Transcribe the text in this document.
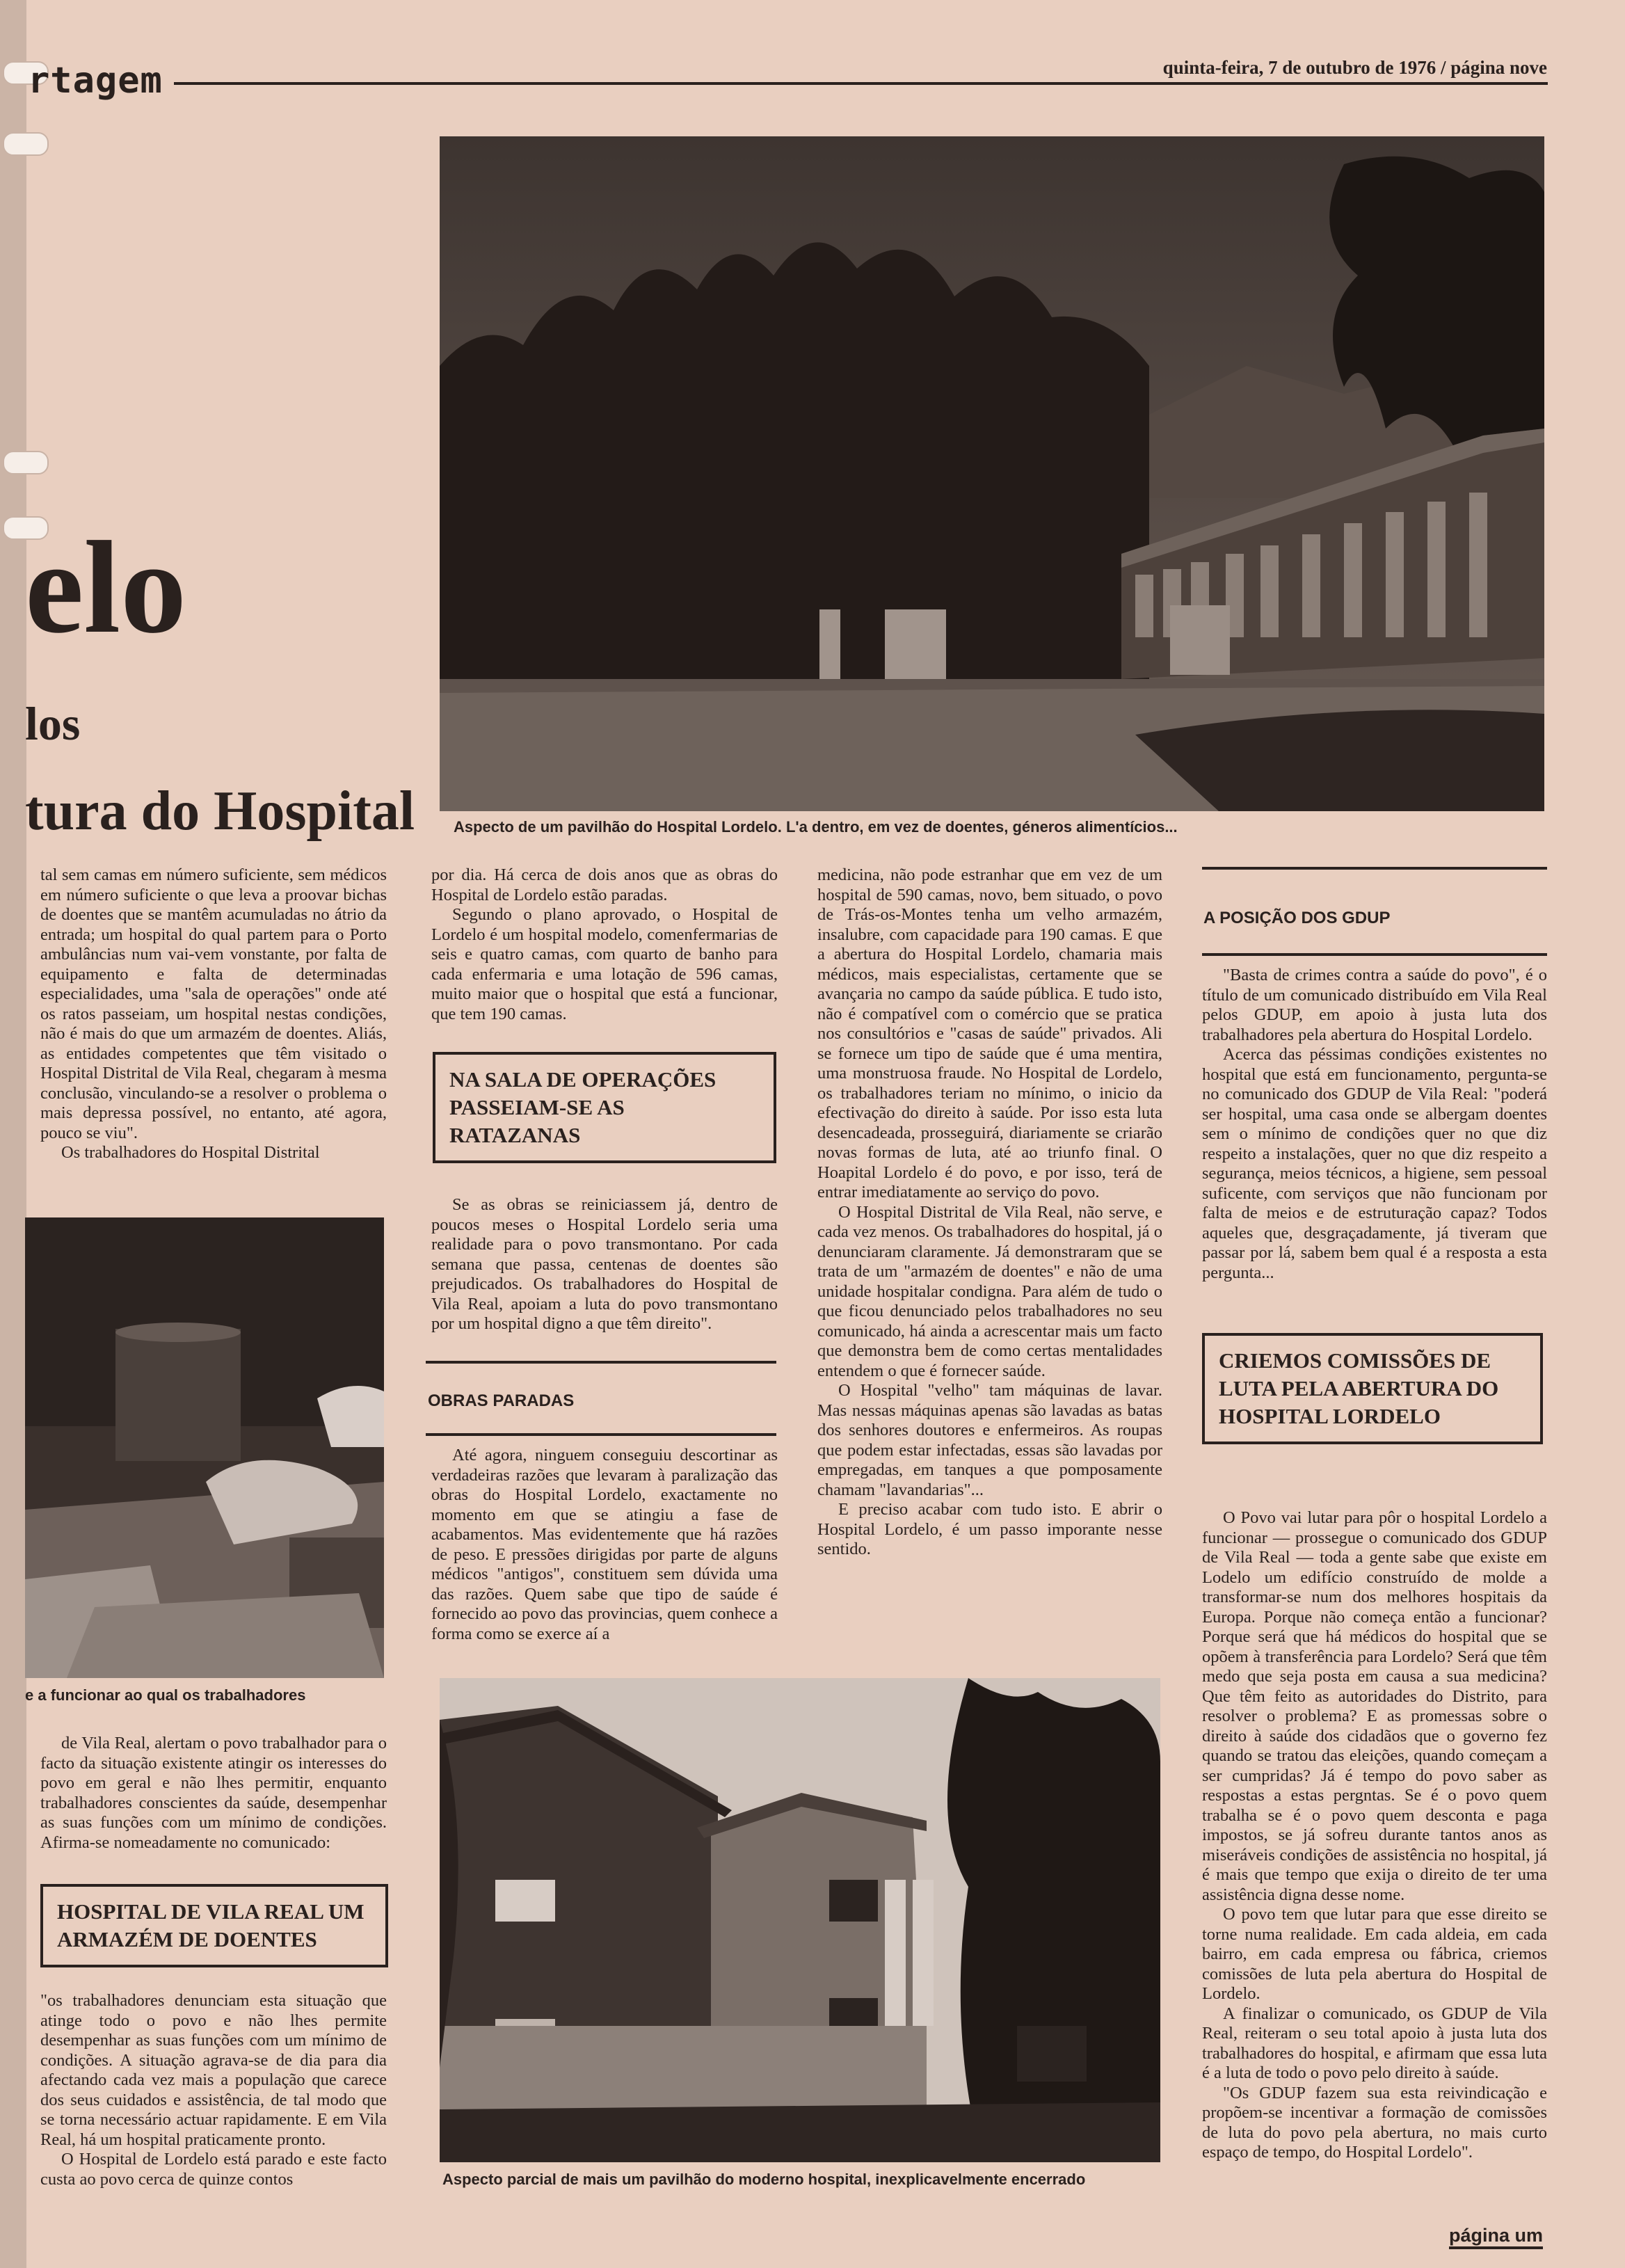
rtagem	quinta-feira, 7 de outubro de 1976 / página nove
elo
los
tura do Hospital	Aspecto de um pavilhão do Hospital Lordelo. L'a dentro, em vez de doentes, géneros alimentícios...

tal sem camas em número suficiente, sem médicos em número suficiente o que leva a proovar bichas de doentes que se mantêm acumuladas no átrio da entrada; um hospital do qual partem para o Porto ambulâncias num vai-vem vonstante, por falta de equipamento e falta de determinadas especialidades, uma "sala de operações" onde até os ratos passeiam, um hospital nestas condições, não é mais do que um armazém de doentes. Aliás, as entidades competentes que têm visitado o Hospital Distrital de Vila Real, chegaram à mesma conclusão, vinculando-se a resolver o problema o mais depressa possível, no entanto, até agora, pouco se viu".

Os trabalhadores do Hospital Distrital

e a funcionar ao qual os trabalhadores

de Vila Real, alertam o povo trabalhador para o facto da situação existente atingir os interesses do povo em geral e não lhes permitir, enquanto trabalhadores conscientes da saúde, desempenhar as suas funções com um mínimo de condições. Afirma-se nomeadamente no comunicado:

HOSPITAL DE VILA REAL UM ARMAZÉM DE DOENTES

"os trabalhadores denunciam esta situação que atinge todo o povo e não lhes permite desempenhar as suas funções com um mínimo de condições. A situação agrava-se de dia para dia afectando cada vez mais a população que carece dos seus cuidados e assistência, de tal modo que se torna necessário actuar rapidamente. E em Vila Real, há um hospital praticamente pronto.

O Hospital de Lordelo está parado e este facto custa ao povo cerca de quinze contos

por dia. Há cerca de dois anos que as obras do Hospital de Lordelo estão paradas.

Segundo o plano aprovado, o Hospital de Lordelo é um hospital modelo, comenfermarias de seis e quatro camas, com quarto de banho para cada enfermaria e uma lotação de 596 camas, muito maior que o hospital que está a funcionar, que tem 190 camas.

NA SALA DE OPERAÇÕES PASSEIAM-SE AS RATAZANAS

Se as obras se reiniciassem já, dentro de poucos meses o Hospital Lordelo seria uma realidade para o povo transmontano. Por cada semana que passa, centenas de doentes são prejudicados. Os trabalhadores do Hospital de Vila Real, apoiam a luta do povo transmontano por um hospital digno a que têm direito".

OBRAS PARADAS

Até agora, ninguem conseguiu descortinar as verdadeiras razões que levaram à paralização das obras do Hospital Lordelo, exactamente no momento em que se atingiu a fase de acabamentos. Mas evidentemente que há razões de peso. E pressões dirigidas por parte de alguns médicos "antigos", constituem sem dúvida uma das razões. Quem sabe que tipo de saúde é fornecido ao povo das provincias, quem conhece a forma como se exerce aí a

medicina, não pode estranhar que em vez de um hospital de 590 camas, novo, bem situado, o povo de Trás-os-Montes tenha um velho armazém, insalubre, com capacidade para 190 camas. E que a abertura do Hospital Lordelo, chamaria mais médicos, mais especialistas, certamente que se avançaria no campo da saúde pública. E tudo isto, não é compatível com o comércio que se pratica nos consultórios e "casas de saúde" privados. Ali se fornece um tipo de saúde que é uma mentira, uma monstruosa fraude. No Hospital de Lordelo, os trabalhadores teriam no mínimo, o inicio da efectivação do direito à saúde. Por isso esta luta desencadeada, prosseguirá, diariamente se criarão novas formas de luta, até ao triunfo final. O Hoapital Lordelo é do povo, e por isso, terá de entrar imediatamente ao serviço do povo.

O Hospital Distrital de Vila Real, não serve, e cada vez menos. Os trabalhadores do hospital, já o denunciaram claramente. Já demonstraram que se trata de um "armazém de doentes" e não de uma unidade hospitalar condigna. Para além de tudo o que ficou denunciado pelos trabalhadores no seu comunicado, há ainda a acrescentar mais um facto que demonstra bem de como certas mentalidades entendem o que é fornecer saúde.

O Hospital "velho" tam máquinas de lavar. Mas nessas máquinas apenas são lavadas as batas dos senhores doutores e enfermeiros. As roupas que podem estar infectadas, essas são lavadas por empregadas, em tanques a que pomposamente chamam "lavandarias"...

E preciso acabar com tudo isto. E abrir o Hospital Lordelo, é um passo imporante nesse sentido.

Aspecto parcial de mais um pavilhão do moderno hospital, inexplicavelmente encerrado
A POSIÇÃO DOS GDUP

"Basta de crimes contra a saúde do povo", é o título de um comunicado distribuído em Vila Real pelos GDUP, em apoio à justa luta dos trabalhadores pela abertura do Hospital Lordelo.

Acerca das péssimas condições existentes no hospital que está em funcionamento, pergunta-se no comunicado dos GDUP de Vila Real: "poderá ser hospital, uma casa onde se albergam doentes sem o mínimo de condições quer no que diz respeito a instalações, quer no que diz respeito a segurança, meios técnicos, a higiene, sem pessoal suficente, com serviços que não funcionam por falta de meios e de estruturação capaz? Todos aqueles que, desgraçadamente, já tiveram que passar por lá, sabem bem qual é a resposta a esta pergunta...

CRIEMOS COMISSÕES DE LUTA PELA ABERTURA DO HOSPITAL LORDELO

O Povo vai lutar para pôr o hospital Lordelo a funcionar — prossegue o comunicado dos GDUP de Vila Real — toda a gente sabe que existe em Lodelo um edifício construído de molde a transformar-se num dos melhores hospitais da Europa. Porque não começa então a funcionar? Porque será que há médicos do hospital que se opõem à transferência para Lordelo? Será que têm medo que seja posta em causa a sua medicina? Que têm feito as autoridades do Distrito, para resolver o problema? E as promessas sobre o direito à saúde dos cidadãos que o governo fez quando se tratou das eleições, quando começam a ser cumpridas? Já é tempo do povo saber as respostas a estas pergntas. Se é o povo quem trabalha se é o povo quem desconta e paga impostos, se já sofreu durante tantos anos as miseráveis condições de assistência no hospital, já é mais que tempo que exija o direito de ter uma assistência digna desse nome.

O povo tem que lutar para que esse direito se torne numa realidade. Em cada aldeia, em cada bairro, em cada empresa ou fábrica, criemos comissões de luta pela abertura do Hospital de Lordelo.

A finalizar o comunicado, os GDUP de Vila Real, reiteram o seu total apoio à justa luta dos trabalhadores do hospital, e afirmam que essa luta é a luta de todo o povo pelo direito à saúde.

"Os GDUP fazem sua esta reivindicação e propõem-se incentivar a formação de comissões de luta do povo pela abertura, no mais curto espaço de tempo, do Hospital Lordelo".

página um
